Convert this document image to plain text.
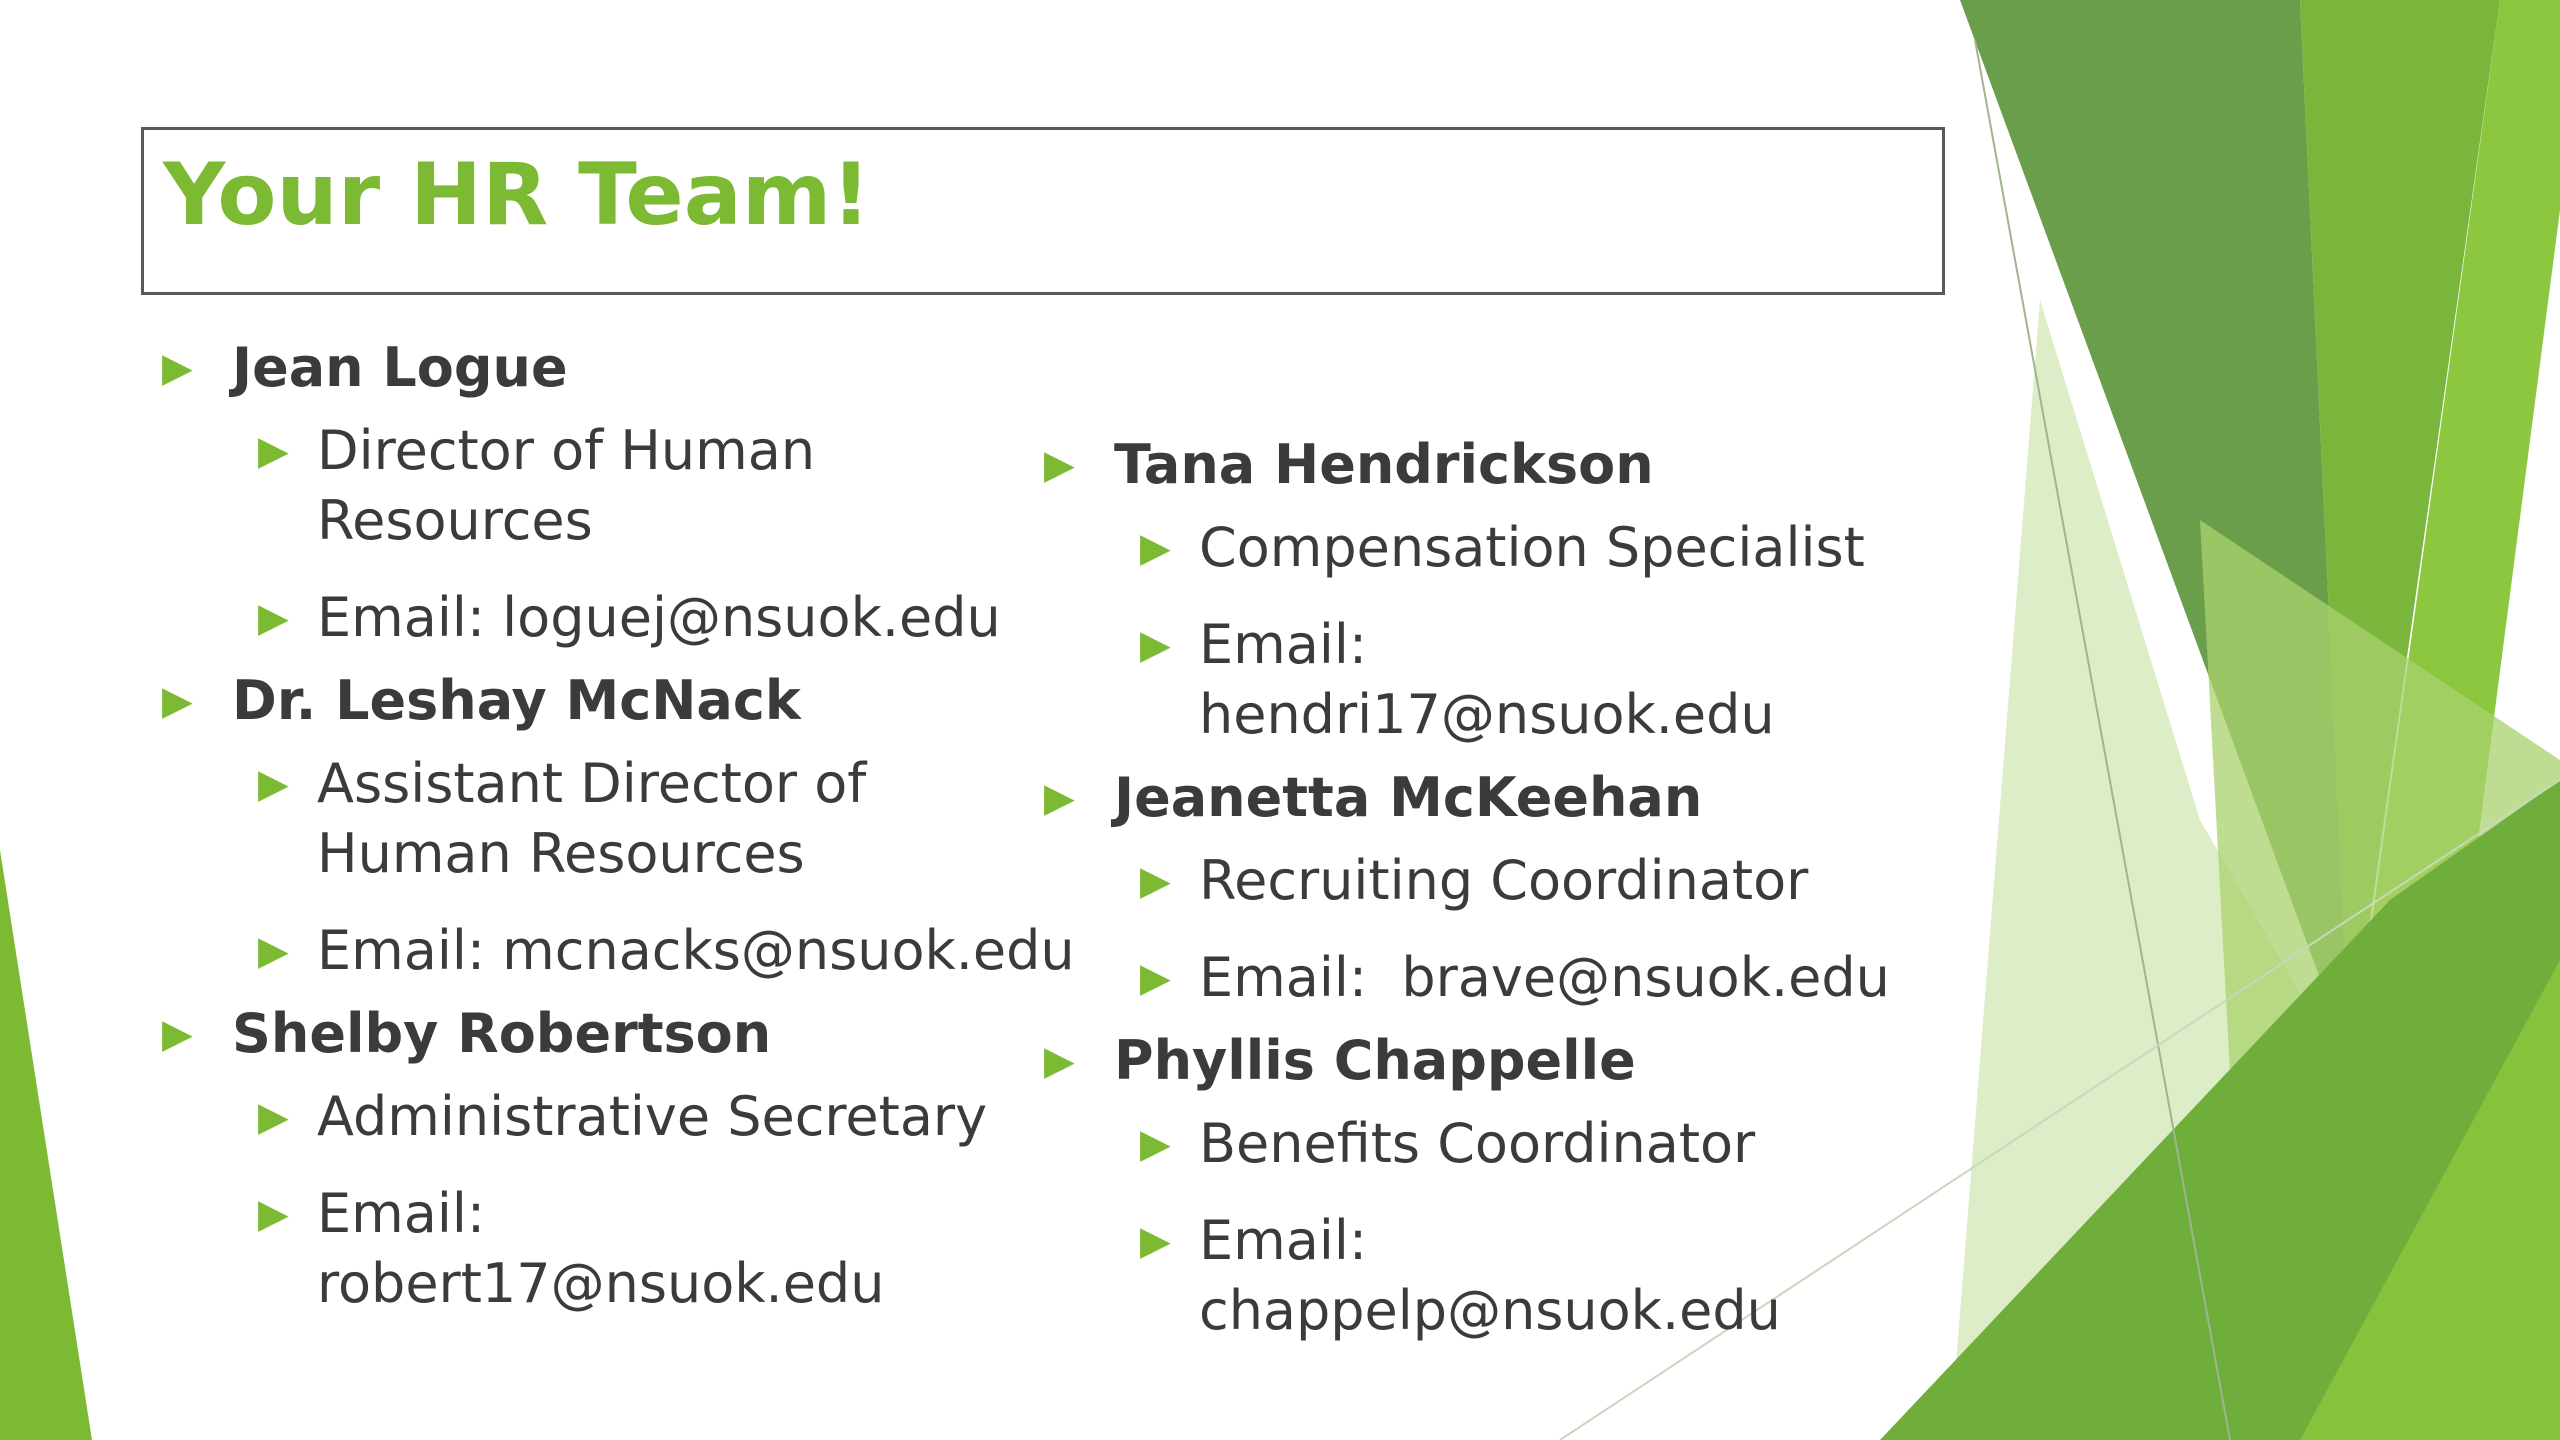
Your HR Team!
▶ Jean Logue
▶ Director of Human
Resources
▶ Email: loguej@nsuok.edu
▶ Dr. Leshay McNack
▶ Assistant Director of
Human Resources
▶ Email: mcnacks@nsuok.edu
▶ Shelby Robertson
▶ Administrative Secretary
▶ Email:
robert17@nsuok.edu
▶ Tana Hendrickson
▶ Compensation Specialist
▶ Email:
hendri17@nsuok.edu
▶ Jeanetta McKeehan
▶ Recruiting Coordinator
▶ Email:  brave@nsuok.edu
▶ Phyllis Chappelle
▶ Benefits Coordinator
▶ Email:
chappelp@nsuok.edu
